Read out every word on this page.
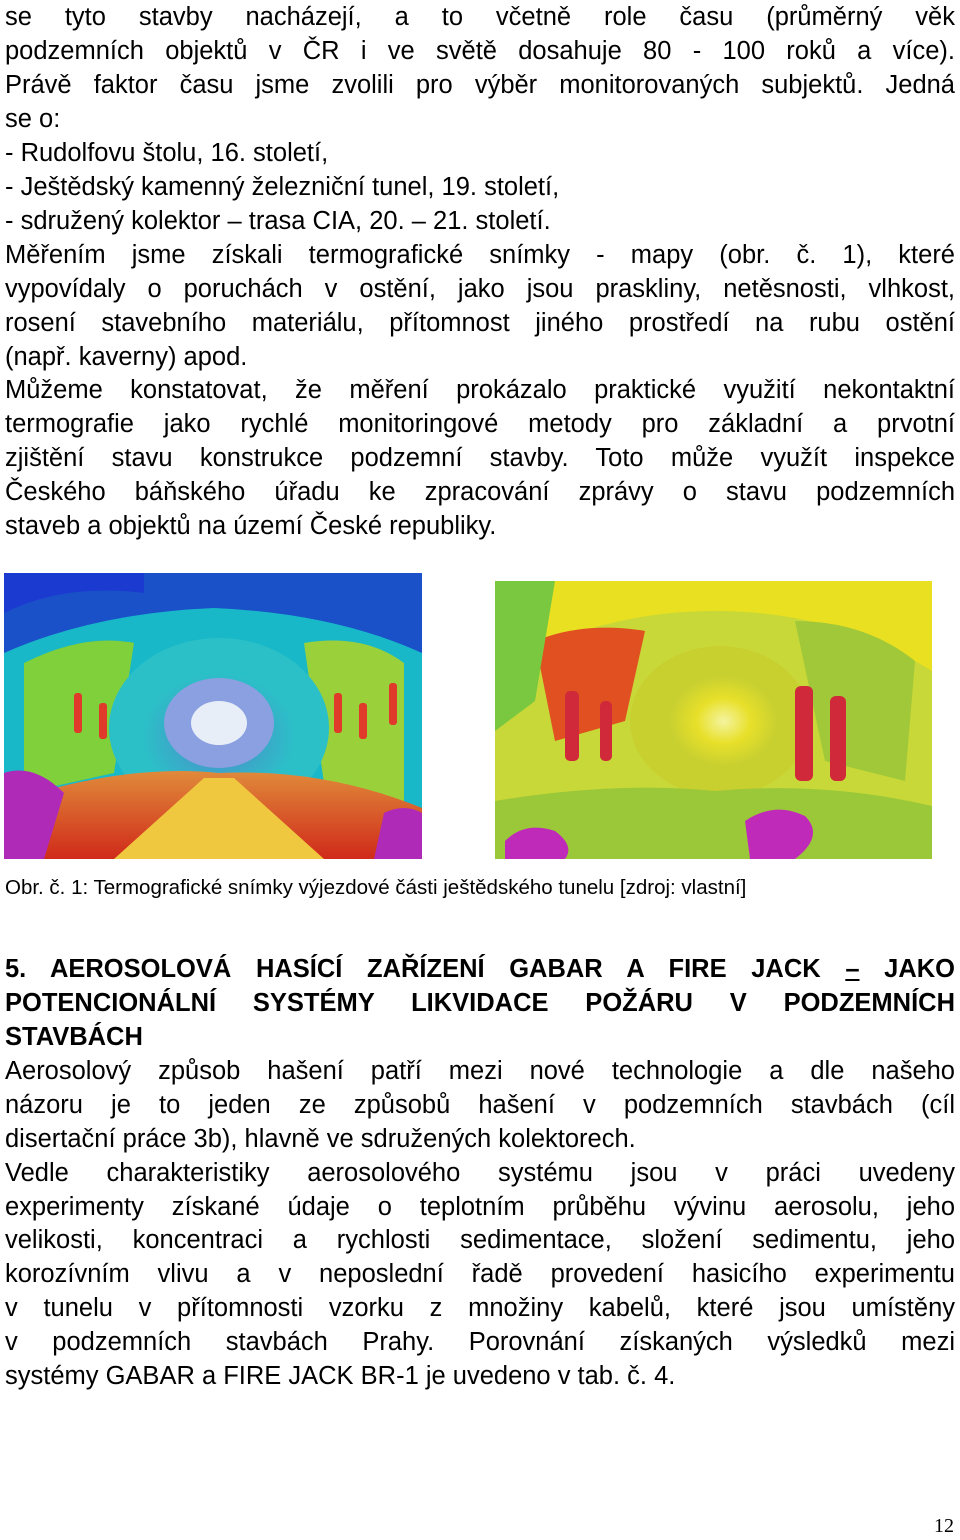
se tyto stavby nacházejí, a to včetně role času (průměrný věk
podzemních objektů v ČR i ve světě dosahuje 80 - 100 roků a více).
Právě faktor času jsme zvolili pro výběr monitorovaných subjektů. Jedná
se o:
- Rudolfovu štolu, 16. století,
- Ještědský kamenný železniční tunel, 19. století,
- sdružený kolektor – trasa CIA, 20. – 21. století.
Měřením jsme získali termografické snímky - mapy (obr. č. 1), které
vypovídaly o poruchách v ostění, jako jsou praskliny, netěsnosti, vlhkost,
rosení stavebního materiálu, přítomnost jiného prostředí na rubu ostění
(např. kaverny) apod.
Můžeme konstatovat, že měření prokázalo praktické využití nekontaktní
termografie jako rychlé monitoringové metody pro základní a prvotní
zjištění stavu konstrukce podzemní stavby. Toto může využít inspekce
Českého báňského úřadu ke zpracování zprávy o stavu podzemních
staveb a objektů na území České republiky.
Obr. č. 1: Termografické snímky výjezdové části ještědského tunelu [zdroj: vlastní]
5. AEROSOLOVÁ HASÍCÍ ZAŘÍZENÍ GABAR A FIRE JACK – JAKO
POTENCIONÁLNÍ SYSTÉMY LIKVIDACE POŽÁRU V PODZEMNÍCH
STAVBÁCH
Aerosolový způsob hašení patří mezi nové technologie a dle našeho
názoru je to jeden ze způsobů hašení v podzemních stavbách (cíl
disertační práce 3b), hlavně ve sdružených kolektorech.
Vedle charakteristiky aerosolového systému jsou v práci uvedeny
experimenty získané údaje o teplotním průběhu vývinu aerosolu, jeho
velikosti, koncentraci a rychlosti sedimentace, složení sedimentu, jeho
korozívním vlivu a v neposlední řadě provedení hasicího experimentu
v tunelu v přítomnosti vzorku z množiny kabelů, které jsou umístěny
v podzemních stavbách Prahy. Porovnání získaných výsledků mezi
systémy GABAR a FIRE JACK BR-1 je uvedeno v tab. č. 4.
12
